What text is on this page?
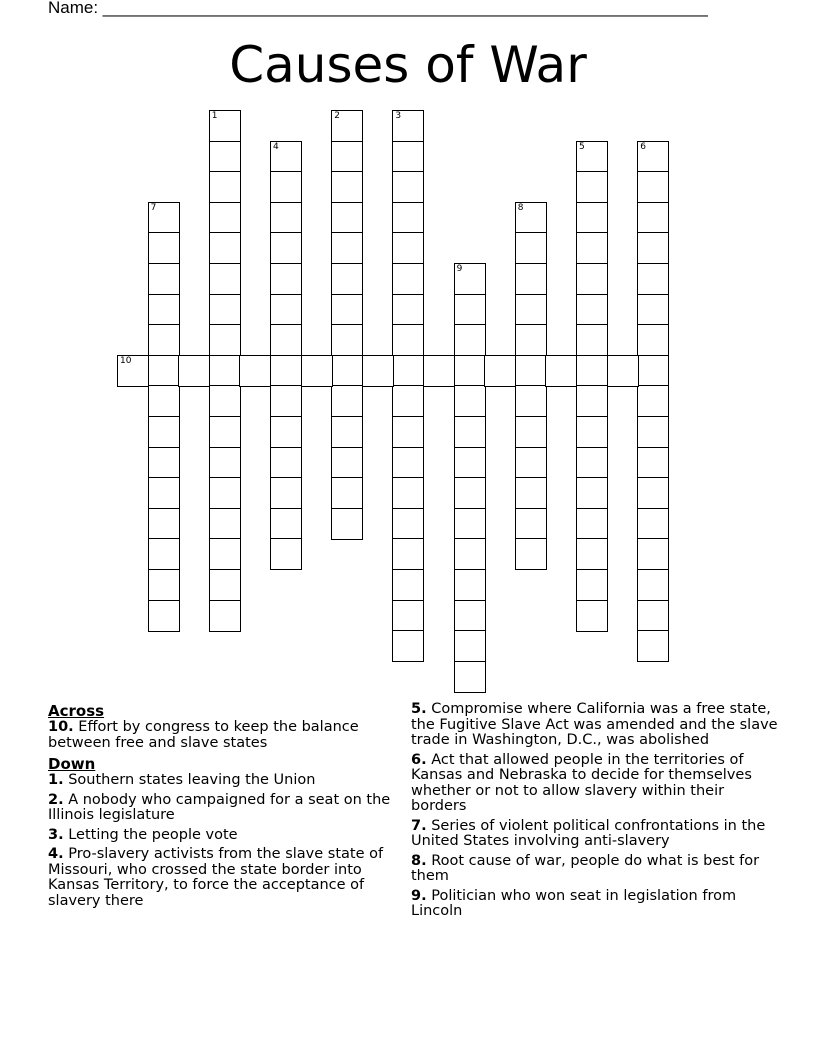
Name: ________________________________________________________________
Causes of War
1	2	3
4	5	6
7	8
9
10
Across
10. Effort by congress to keep the balance between free and slave states
Down
1. Southern states leaving the Union
2. A nobody who campaigned for a seat on the Illinois legislature
3. Letting the people vote
4. Pro-slavery activists from the slave state of Missouri, who crossed the state border into Kansas Territory, to force the acceptance of slavery there
5. Compromise where California was a free state, the Fugitive Slave Act was amended and the slave trade in Washington, D.C., was abolished
6. Act that allowed people in the territories of Kansas and Nebraska to decide for themselves whether or not to allow slavery within their borders
7. Series of violent political confrontations in the United States involving anti-slavery
8. Root cause of war, people do what is best for them
9. Politician who won seat in legislation from Lincoln
